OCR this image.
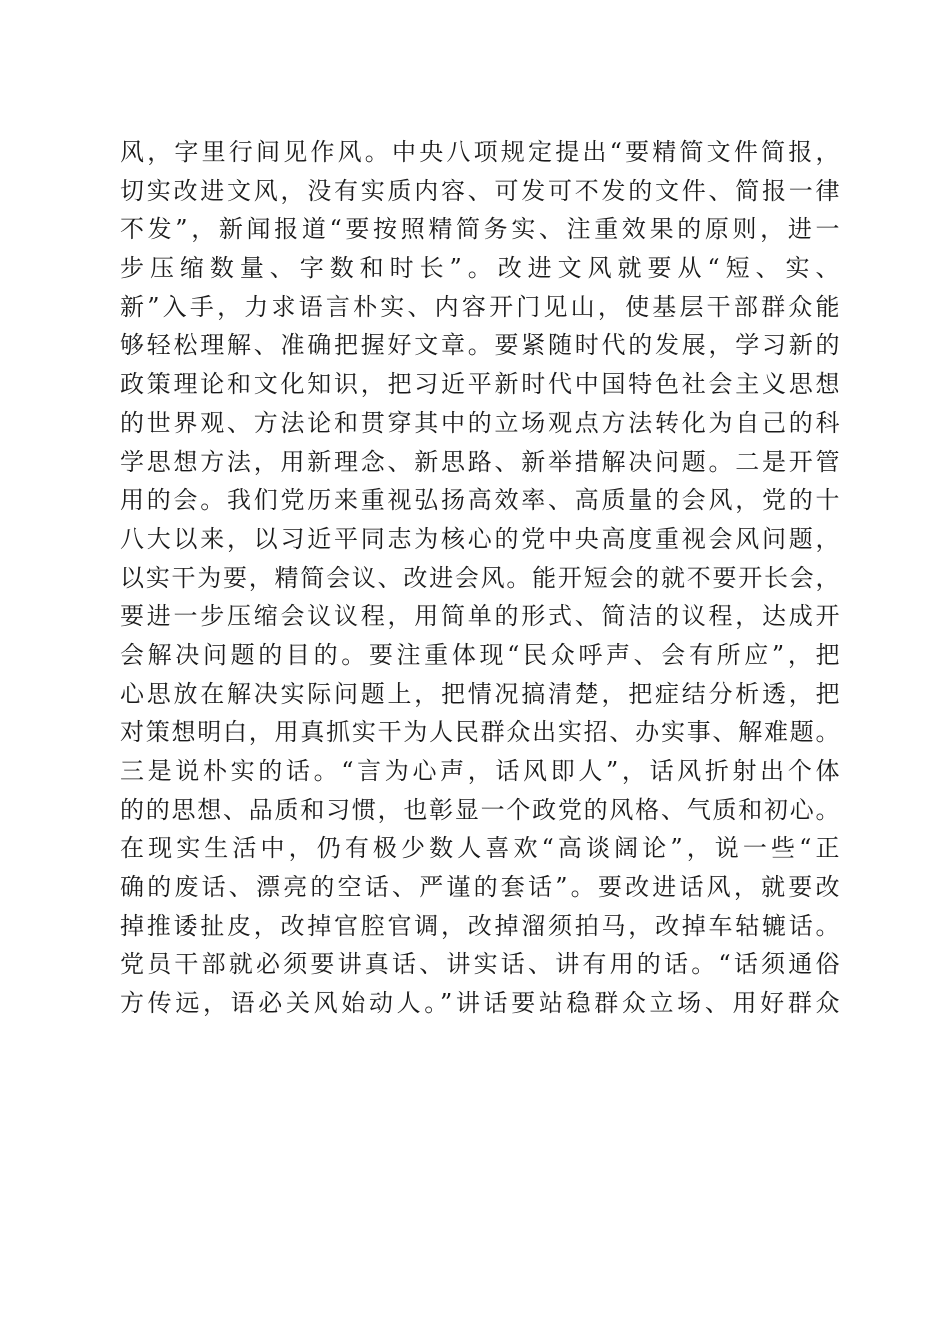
风，字里行间见作风。中央八项规定提出“要精简文件简报，
切实改进文风，没有实质内容、可发可不发的文件、简报一律
不发”，新闻报道“要按照精简务实、注重效果的原则，进一
步压缩数量、字数和时长”。改进文风就要从“短、实、
新”入手，力求语言朴实、内容开门见山，使基层干部群众能
够轻松理解、准确把握好文章。要紧随时代的发展，学习新的
政策理论和文化知识，把习近平新时代中国特色社会主义思想
的世界观、方法论和贯穿其中的立场观点方法转化为自己的科
学思想方法，用新理念、新思路、新举措解决问题。二是开管
用的会。我们党历来重视弘扬高效率、高质量的会风，党的十
八大以来，以习近平同志为核心的党中央高度重视会风问题，
以实干为要，精简会议、改进会风。能开短会的就不要开长会，
要进一步压缩会议议程，用简单的形式、简洁的议程，达成开
会解决问题的目的。要注重体现“民众呼声、会有所应”，把
心思放在解决实际问题上，把情况搞清楚，把症结分析透，把
对策想明白，用真抓实干为人民群众出实招、办实事、解难题。
三是说朴实的话。“言为心声，话风即人”，话风折射出个体
的的思想、品质和习惯，也彰显一个政党的风格、气质和初心。
在现实生活中，仍有极少数人喜欢“高谈阔论”，说一些“正
确的废话、漂亮的空话、严谨的套话”。要改进话风，就要改
掉推诿扯皮，改掉官腔官调，改掉溜须拍马，改掉车轱辘话。
党员干部就必须要讲真话、讲实话、讲有用的话。“话须通俗
方传远，语必关风始动人。”讲话要站稳群众立场、用好群众
